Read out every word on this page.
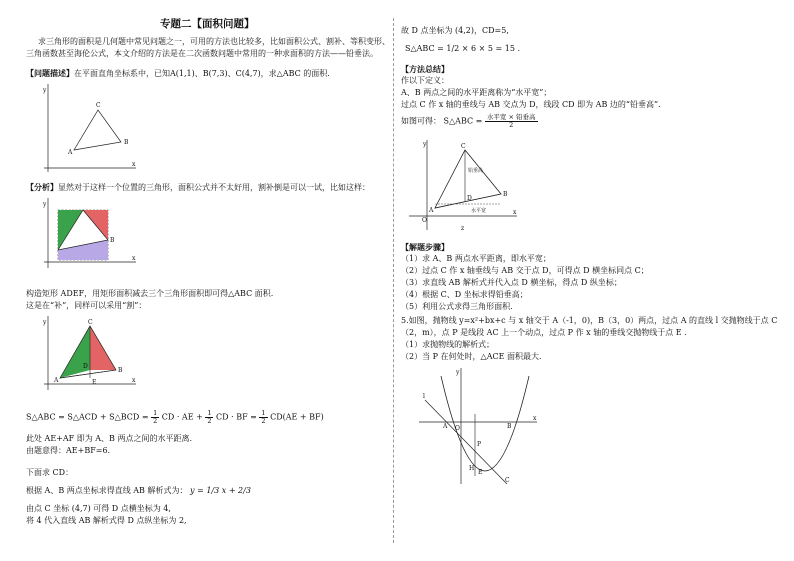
专题二【面积问题】
求三角形的面积是几何题中常见问题之一，可用的方法也比较多，比如面积公式、割补、等积变形、
三角函数甚至海伦公式，本文介绍的方法是在二次函数问题中常用的一种求面积的方法——铅垂法。
【问题描述】在平面直角坐标系中，已知A(1,1)、B(7,3)、C(4,7)，求△ABC 的面积.
y
x
A
B
C
【分析】显然对于这样一个位置的三角形，面积公式并不太好用，割补倒是可以一试，比如这样：
y
x
B
构造矩形 ADEF，用矩形面积减去三个三角形面积即可得△ABC 面积.
这是在“补”，同样可以采用“割”：
y
x
C
A
B
D
E
S△ABC = S△ACD + S△BCD = $\frac{1}{2}$ CD · AE + $\frac{1}{2}$ CD · BF = $\frac{1}{2} CD(AE + BF)$
此处 AE+AF 即为 A、B 两点之间的水平距离.
由题意得：AE+BF=6.
下面求 CD：
根据 A、B 两点坐标求得直线 AB 解析式为： y = 1/3 x + 2/3
由点 C 坐标 (4,7) 可得 D 点横坐标为 4,
将 4 代入直线 AB 解析式得 D 点纵坐标为 2,
故 D 点坐标为 (4,2)，CD=5,
S△ABC = 1/2 × 6 × 5 = 15 .
【方法总结】
作以下定义：
A、B 两点之间的水平距离称为“水平宽”；
过点 C 作 x 轴的垂线与 AB 交点为 D，线段 CD 即为 AB 边的“铅垂高”.
如图可得： S△ABC = $\frac{\text{水平宽 × 铅垂高}}{2}$
y
x
O
C
A
B
D
铅垂高
水平宽
z
【解题步骤】
（1）求 A、B 两点水平距离，即水平宽；
（2）过点 C 作 x 轴垂线与 AB 交于点 D，可得点 D 横坐标同点 C；
（3）求直线 AB 解析式并代入点 D 横坐标，得点 D 纵坐标；
（4）根据 C、D 坐标求得铅垂高；
（5）利用公式求得三角形面积.
5.如图，抛物线 y=x²+bx+c 与 x 轴交于 A（-1，0)，B（3，0）两点，过点 A 的直线 l 交抛物线于点 C
（2，m），点 P 是线段 AC 上一个动点，过点 P 作 x 轴的垂线交抛物线于点 E .
（1）求抛物线的解析式；
（2）当 P 在何处时，△ACE 面积最大.
y
x
O
A	B
l
P
H
E
C
